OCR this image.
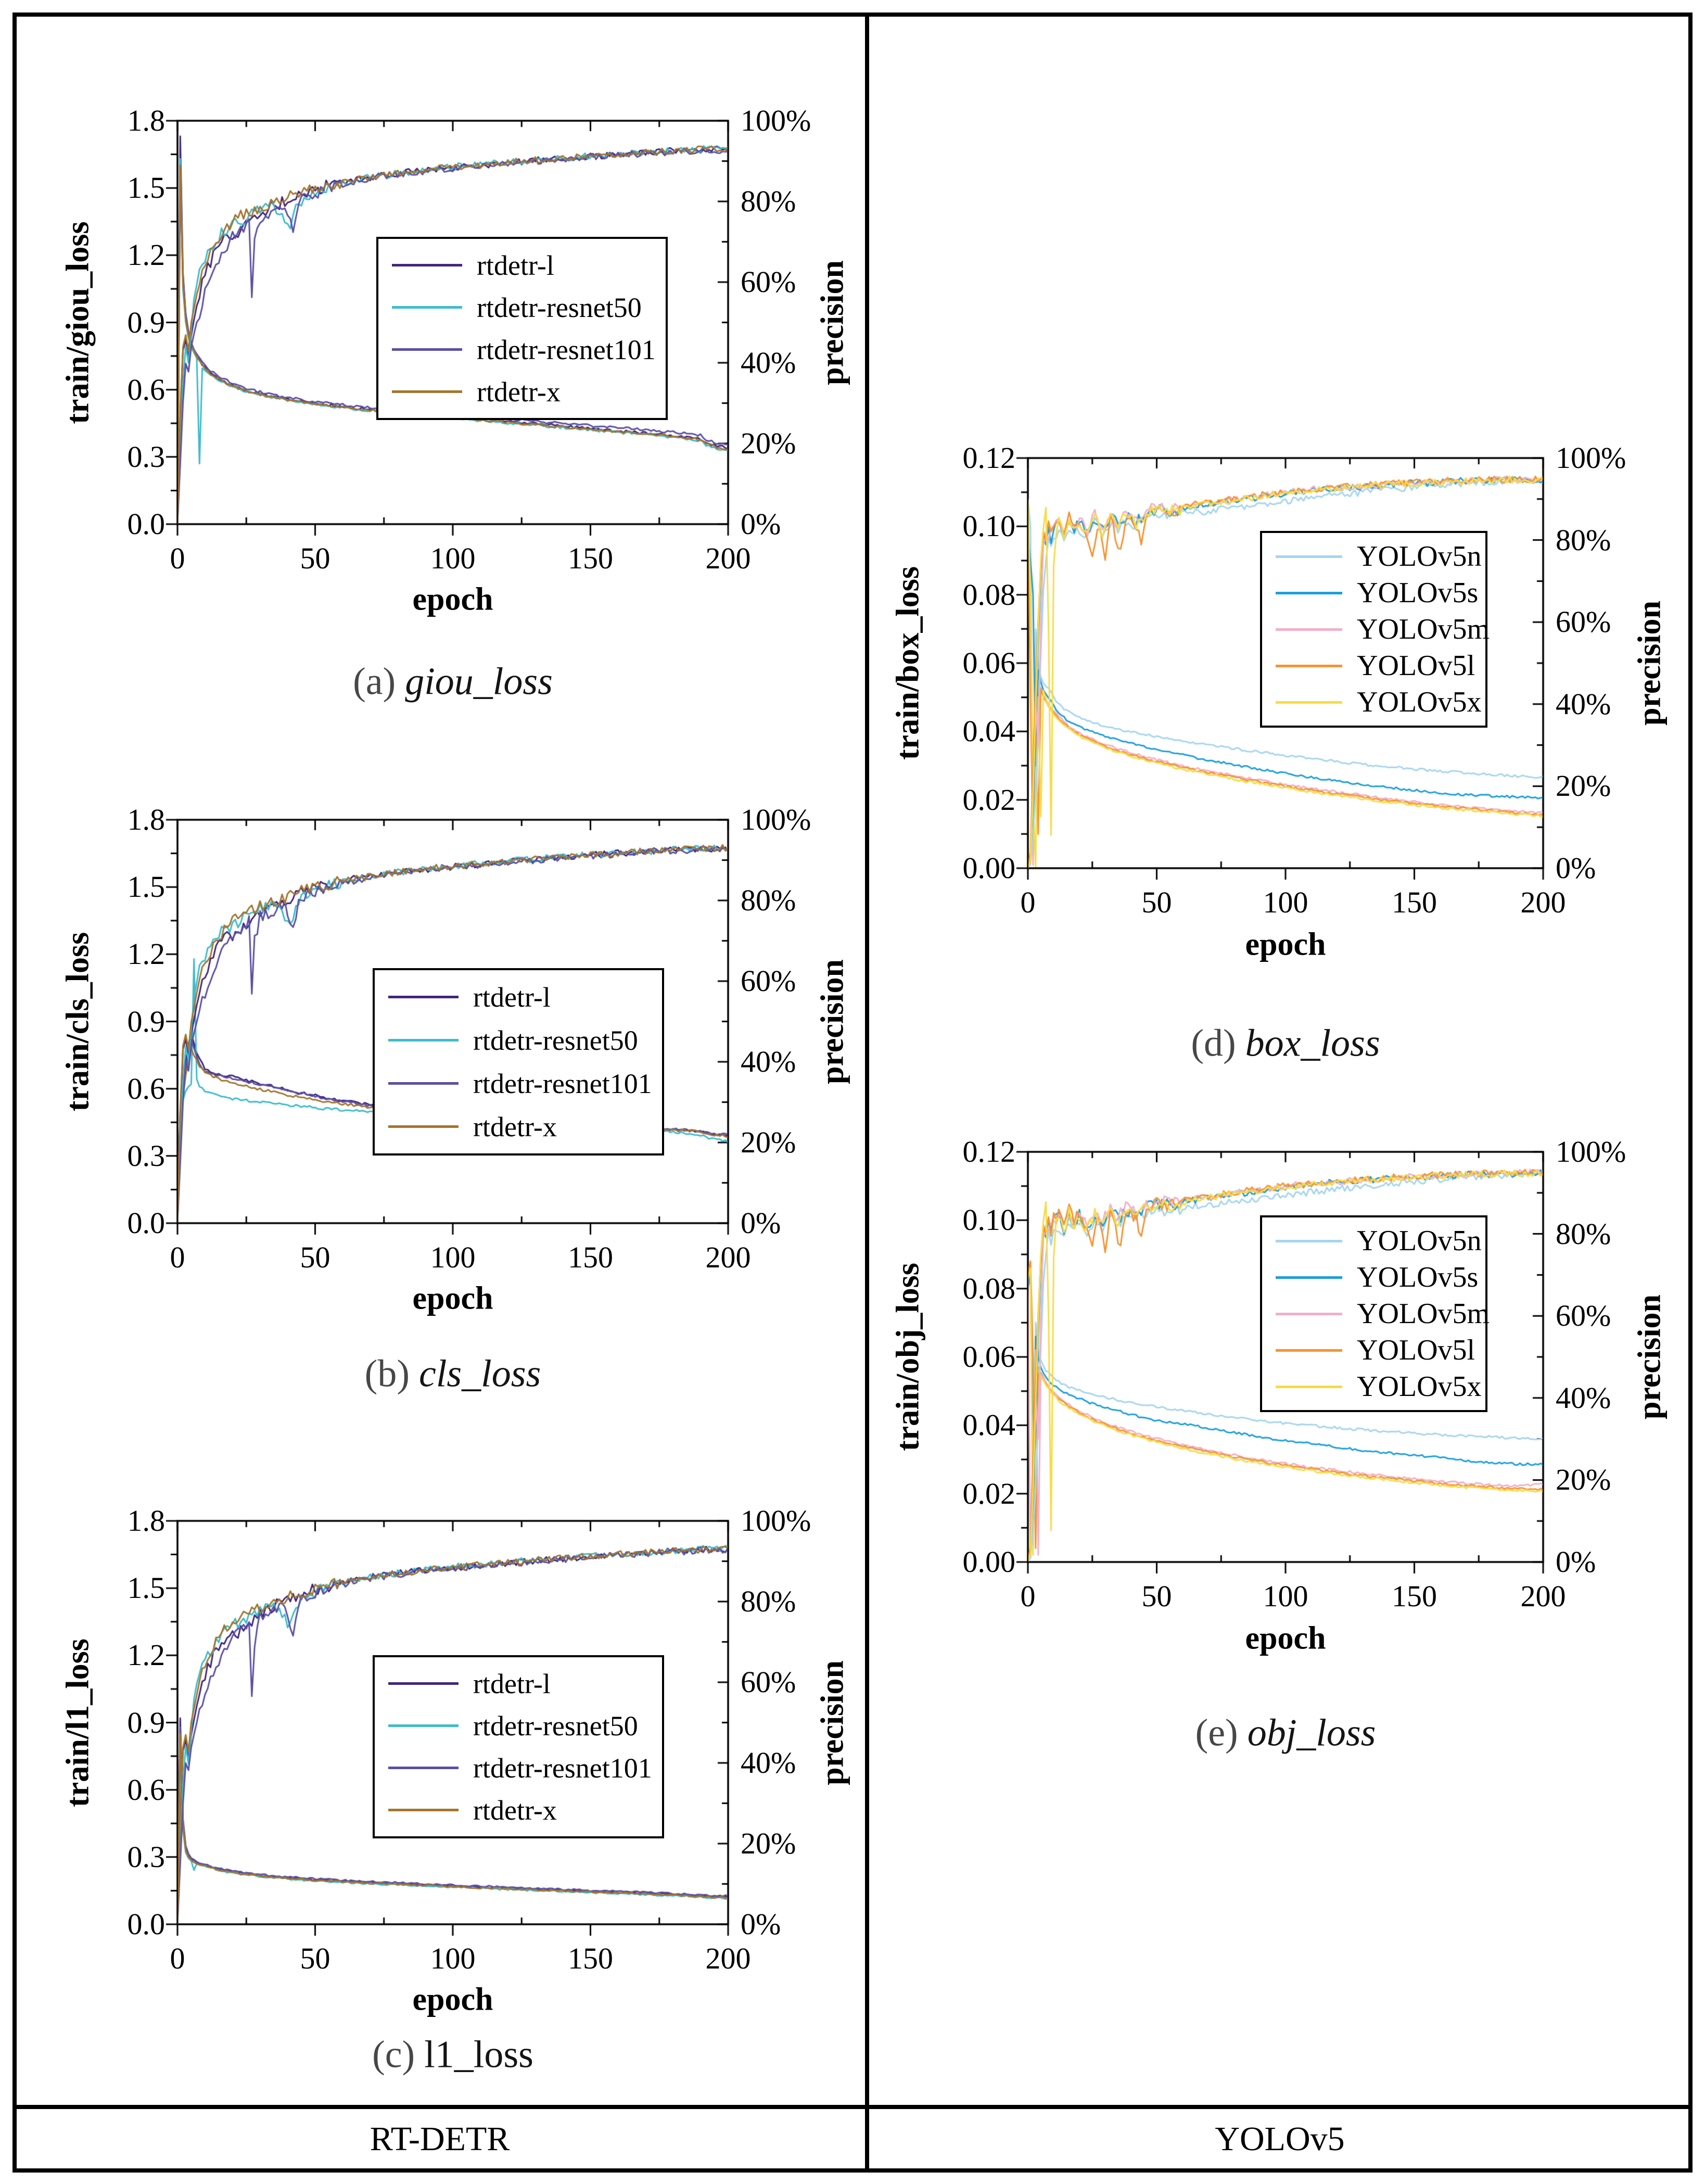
RT-DETR	YOLOv5
0	50	100	150	200
0.0
0.3
0.6
0.9
1.2
1.5
1.8
0%
20%
40%
60%
80%
100%
train/giou_loss	precision
epoch
(a) giou_loss
rtdetr-l
rtdetr-resnet50
rtdetr-resnet101
rtdetr-x
0	50	100	150	200
0.0
0.3
0.6
0.9
1.2
1.5
1.8
0%
20%
40%
60%
80%
100%
train/cls_loss	precision
epoch
(b) cls_loss
rtdetr-l
rtdetr-resnet50
rtdetr-resnet101
rtdetr-x
0	50	100	150	200
0.0
0.3
0.6
0.9
1.2
1.5
1.8
0%
20%
40%
60%
80%
100%
train/l1_loss	precision
epoch
(c) l1_loss
rtdetr-l
rtdetr-resnet50
rtdetr-resnet101
rtdetr-x
0	50	100	150	200
0.00
0.02
0.04
0.06
0.08
0.10
0.12
0%
20%
40%
60%
80%
100%
train/box_loss	precision
epoch
(d) box_loss
YOLOv5n
YOLOv5s
YOLOv5m
YOLOv5l
YOLOv5x
0	50	100	150	200
0.00
0.02
0.04
0.06
0.08
0.10
0.12
0%
20%
40%
60%
80%
100%
train/obj_loss	precision
epoch
(e) obj_loss
YOLOv5n
YOLOv5s
YOLOv5m
YOLOv5l
YOLOv5x
